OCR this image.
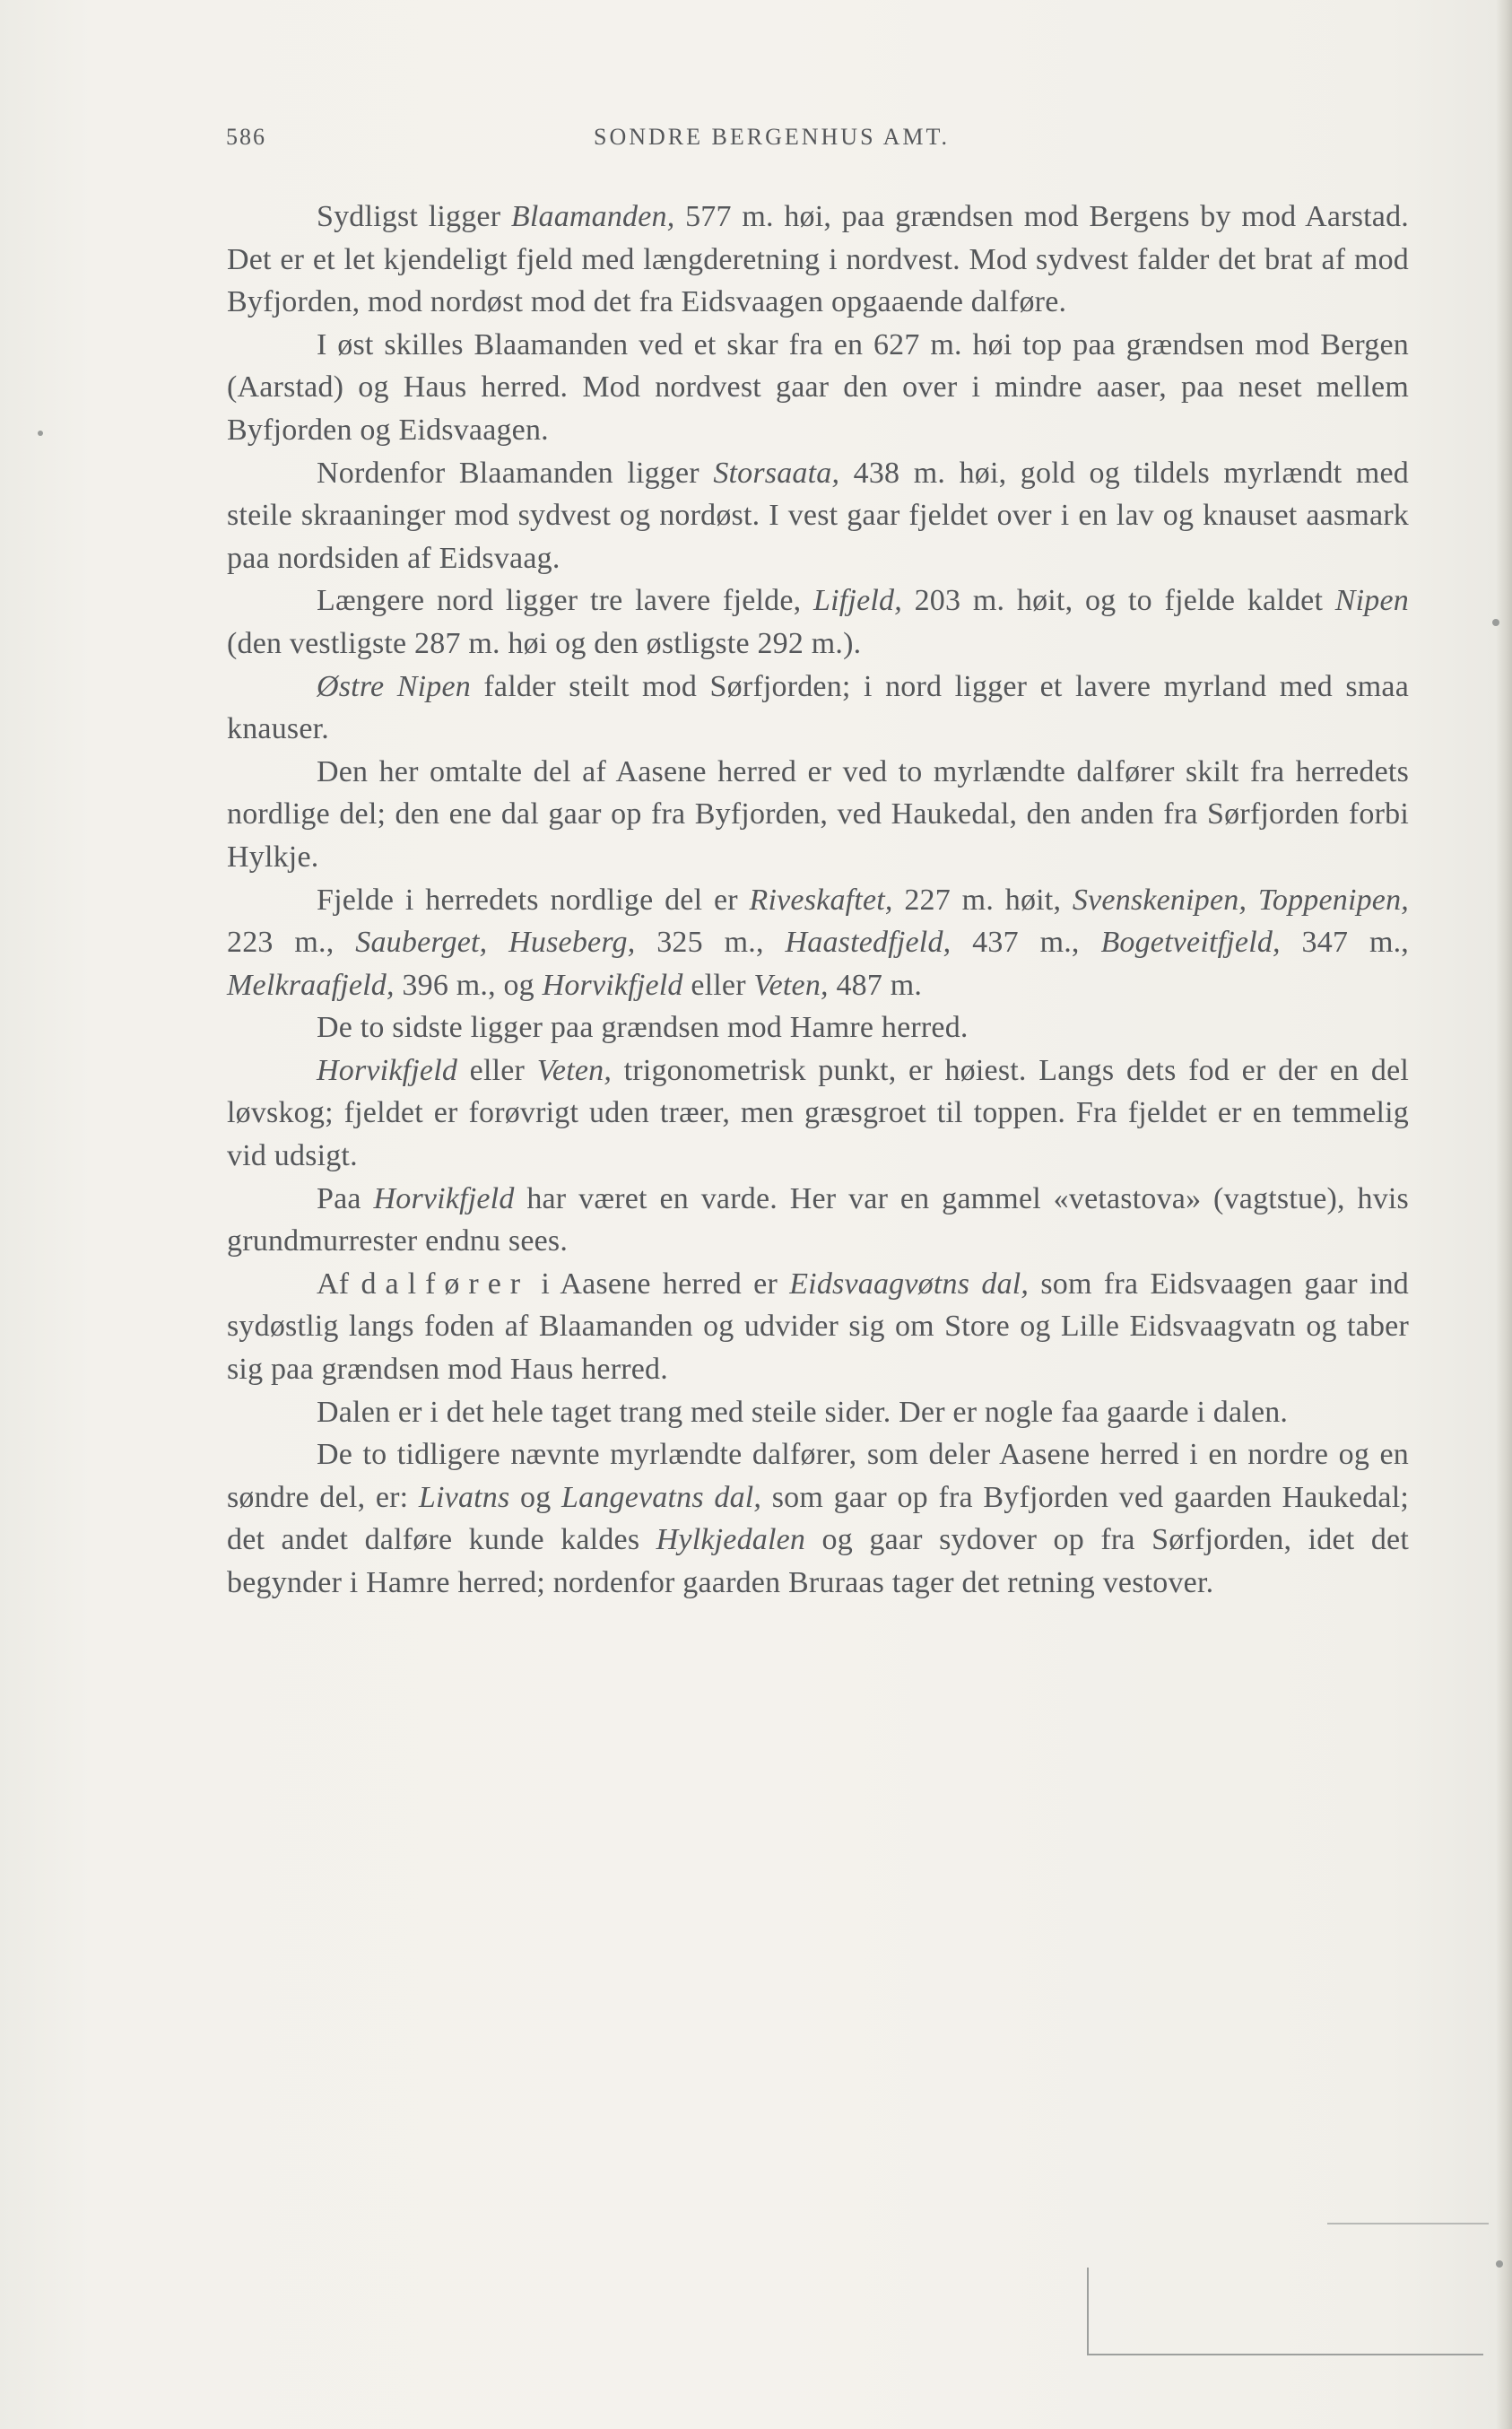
586	SONDRE BERGENHUS AMT.

Sydligst ligger Blaamanden, 577 m. høi, paa grændsen mod Bergens by mod Aarstad. Det er et let kjendeligt fjeld med længderetning i nordvest. Mod sydvest falder det brat af mod Byfjorden, mod nordøst mod det fra Eidsvaagen opgaaende dalføre.

I øst skilles Blaamanden ved et skar fra en 627 m. høi top paa grændsen mod Bergen (Aarstad) og Haus herred. Mod nordvest gaar den over i mindre aaser, paa neset mellem Byfjorden og Eidsvaagen.

Nordenfor Blaamanden ligger Storsaata, 438 m. høi, gold og tildels myrlændt med steile skraaninger mod sydvest og nordøst. I vest gaar fjeldet over i en lav og knauset aasmark paa nordsiden af Eidsvaag.

Længere nord ligger tre lavere fjelde, Lifjeld, 203 m. høit, og to fjelde kaldet Nipen (den vestligste 287 m. høi og den østligste 292 m.).

Østre Nipen falder steilt mod Sørfjorden; i nord ligger et lavere myrland med smaa knauser.

Den her omtalte del af Aasene herred er ved to myrlændte dalfører skilt fra herredets nordlige del; den ene dal gaar op fra Byfjorden, ved Haukedal, den anden fra Sørfjorden forbi Hylkje.

Fjelde i herredets nordlige del er Riveskaftet, 227 m. høit, Svenskenipen, Toppenipen, 223 m., Sauberget, Huseberg, 325 m., Haastedfjeld, 437 m., Bogetveitfjeld, 347 m., Melkraafjeld, 396 m., og Horvikfjeld eller Veten, 487 m.

De to sidste ligger paa grændsen mod Hamre herred.

Horvikfjeld eller Veten, trigonometrisk punkt, er høiest. Langs dets fod er der en del løvskog; fjeldet er forøvrigt uden træer, men græsgroet til toppen. Fra fjeldet er en temmelig vid udsigt.

Paa Horvikfjeld har været en varde. Her var en gammel «vetastova» (vagtstue), hvis grundmurrester endnu sees.

Af dalfører i Aasene herred er Eidsvaagvøtns dal, som fra Eidsvaagen gaar ind sydøstlig langs foden af Blaamanden og udvider sig om Store og Lille Eidsvaagvatn og taber sig paa grændsen mod Haus herred.

Dalen er i det hele taget trang med steile sider. Der er nogle faa gaarde i dalen.

De to tidligere nævnte myrlændte dalfører, som deler Aasene herred i en nordre og en søndre del, er: Livatns og Langevatns dal, som gaar op fra Byfjorden ved gaarden Haukedal; det andet dalføre kunde kaldes Hylkjedalen og gaar sydover op fra Sørfjorden, idet det begynder i Hamre herred; nordenfor gaarden Bruraas tager det retning vestover.
